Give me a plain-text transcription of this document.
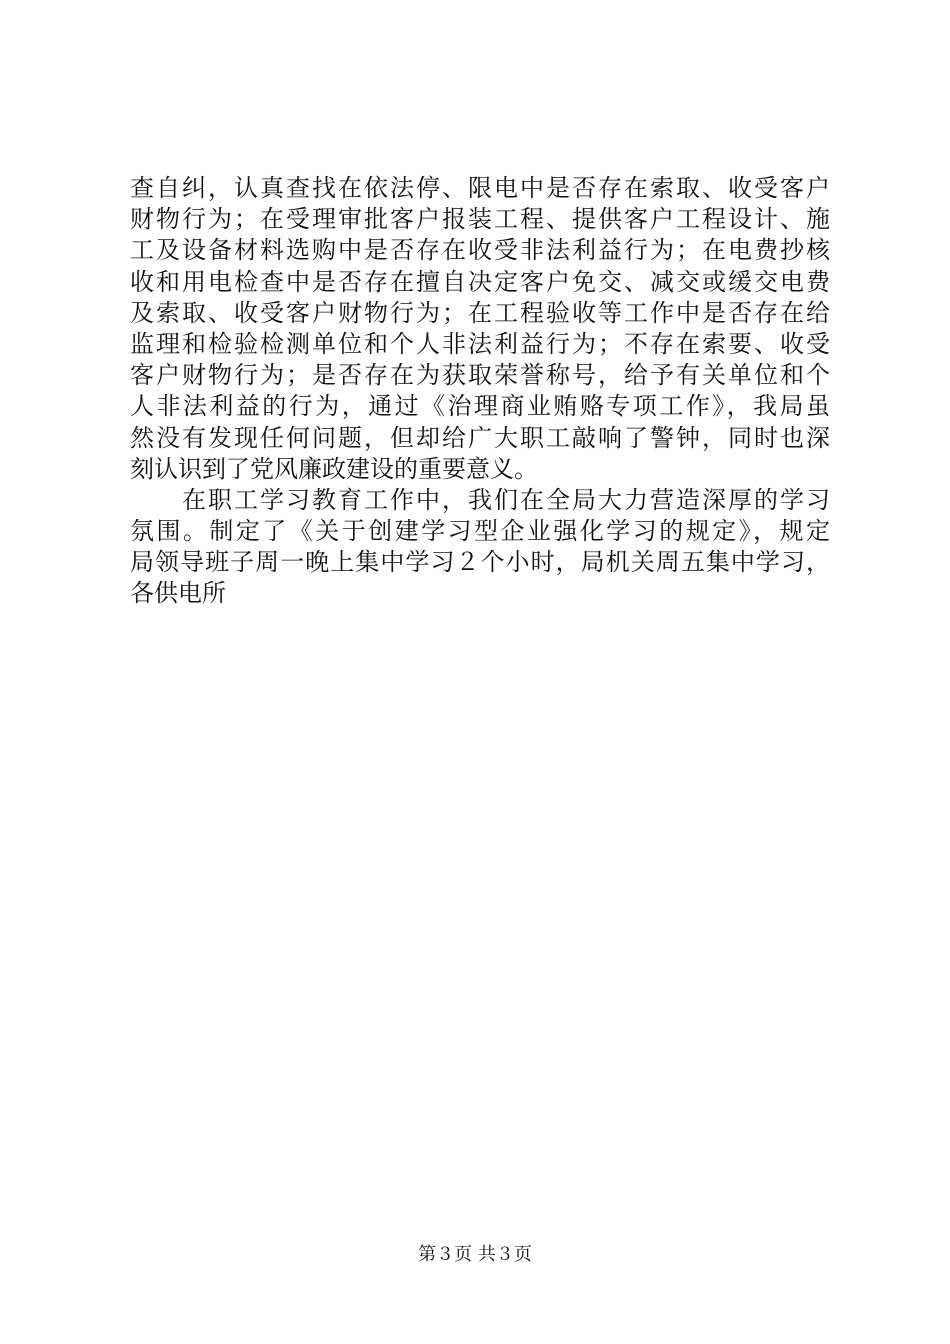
查自纠，认真查找在依法停、限电中是否存在索取、收受客户
财物行为；在受理审批客户报装工程、提供客户工程设计、施
工及设备材料选购中是否存在收受非法利益行为；在电费抄核
收和用电检查中是否存在擅自决定客户免交、减交或缓交电费
及索取、收受客户财物行为；在工程验收等工作中是否存在给
监理和检验检测单位和个人非法利益行为；不存在索要、收受
客户财物行为；是否存在为获取荣誉称号，给予有关单位和个
人非法利益的行为，通过《治理商业贿赂专项工作》，我局虽
然没有发现任何问题，但却给广大职工敲响了警钟，同时也深
刻认识到了党风廉政建设的重要意义。
在职工学习教育工作中，我们在全局大力营造深厚的学习
氛围。制定了《关于创建学习型企业强化学习的规定》，规定
局领导班子周一晚上集中学习２个小时，局机关周五集中学习，
各供电所
第３页 共３页
